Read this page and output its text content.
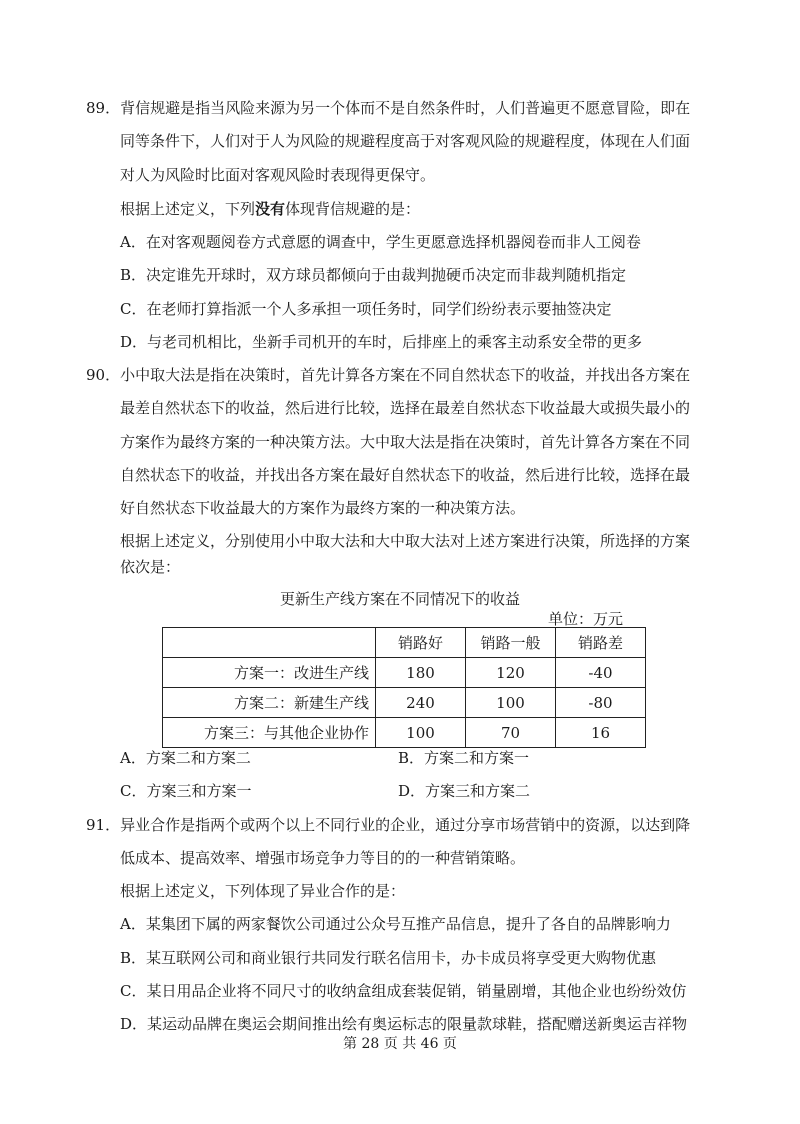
89．背信规避是指当风险来源为另一个体而不是自然条件时，人们普遍更不愿意冒险，即在
同等条件下，人们对于人为风险的规避程度高于对客观风险的规避程度，体现在人们面
对人为风险时比面对客观风险时表现得更保守。
根据上述定义，下列没有体现背信规避的是：
A．在对客观题阅卷方式意愿的调查中，学生更愿意选择机器阅卷而非人工阅卷
B．决定谁先开球时，双方球员都倾向于由裁判抛硬币决定而非裁判随机指定
C．在老师打算指派一个人多承担一项任务时，同学们纷纷表示要抽签决定
D．与老司机相比，坐新手司机开的车时，后排座上的乘客主动系安全带的更多
90．小中取大法是指在决策时，首先计算各方案在不同自然状态下的收益，并找出各方案在
最差自然状态下的收益，然后进行比较，选择在最差自然状态下收益最大或损失最小的
方案作为最终方案的一种决策方法。大中取大法是指在决策时，首先计算各方案在不同
自然状态下的收益，并找出各方案在最好自然状态下的收益，然后进行比较，选择在最
好自然状态下收益最大的方案作为最终方案的一种决策方法。
根据上述定义，分别使用小中取大法和大中取大法对上述方案进行决策，所选择的方案
依次是：
更新生产线方案在不同情况下的收益
单位：万元
	销路好	销路一般	销路差
方案一：改进生产线	180	120	-40
方案二：新建生产线	240	100	-80
方案三：与其他企业协作	100	70	16
A．方案二和方案二	B．方案二和方案一
C．方案三和方案一	D．方案三和方案二
91．异业合作是指两个或两个以上不同行业的企业，通过分享市场营销中的资源，以达到降
低成本、提高效率、增强市场竞争力等目的的一种营销策略。
根据上述定义，下列体现了异业合作的是：
A．某集团下属的两家餐饮公司通过公众号互推产品信息，提升了各自的品牌影响力
B．某互联网公司和商业银行共同发行联名信用卡，办卡成员将享受更大购物优惠
C．某日用品企业将不同尺寸的收纳盒组成套装促销，销量剧增，其他企业也纷纷效仿
D．某运动品牌在奥运会期间推出绘有奥运标志的限量款球鞋，搭配赠送新奥运吉祥物
第 28 页 共 46 页
